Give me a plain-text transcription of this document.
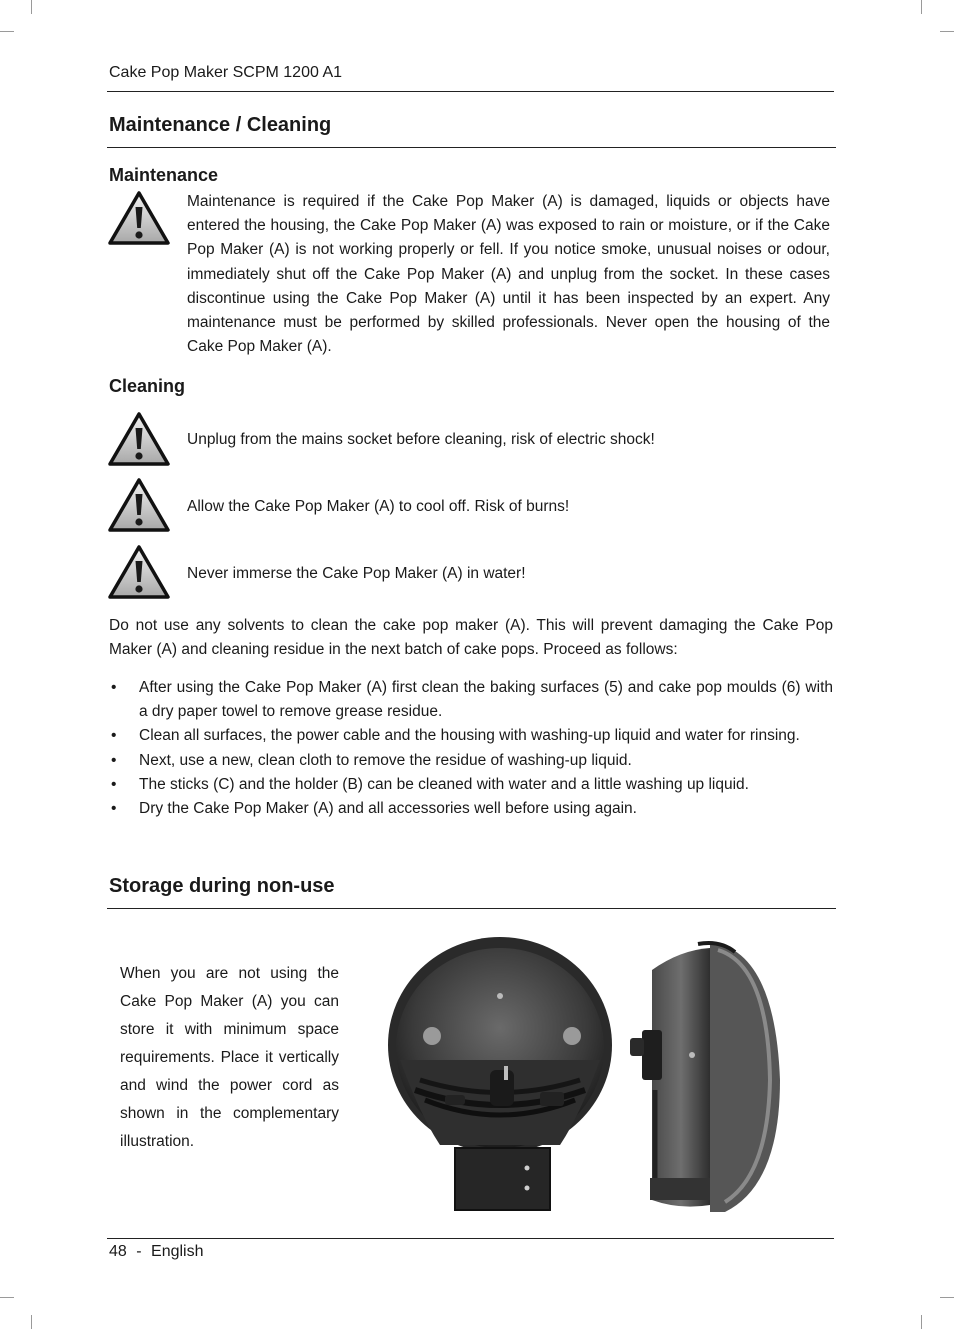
Cake Pop Maker SCPM 1200 A1
Maintenance / Cleaning
Maintenance
Maintenance is required if the Cake Pop Maker (A) is damaged, liquids or objects have entered the housing, the Cake Pop Maker (A) was exposed to rain or moisture, or if the Cake Pop Maker (A) is not working properly or fell. If you notice smoke, unusual noises or odour, immediately shut off the Cake Pop Maker (A) and unplug from the socket. In these cases discontinue using the Cake Pop Maker (A) until it has been inspected by an expert. Any maintenance must be performed by skilled professionals. Never open the housing of the Cake Pop Maker (A).
Cleaning
Unplug from the mains socket before cleaning, risk of electric shock!
Allow the Cake Pop Maker (A) to cool off. Risk of burns!
Never immerse the Cake Pop Maker (A) in water!
Do not use any solvents to clean the cake pop maker (A). This will prevent damaging the Cake Pop Maker (A) and cleaning residue in the next batch of cake pops. Proceed as follows:
• After using the Cake Pop Maker (A) first clean the baking surfaces (5) and cake pop moulds (6) with a dry paper towel to remove grease residue.
• Clean all surfaces, the power cable and the housing with washing-up liquid and water for rinsing.
• Next, use a new, clean cloth to remove the residue of washing-up liquid.
• The sticks (C) and the holder (B) can be cleaned with water and a little washing up liquid.
• Dry the Cake Pop Maker (A) and all accessories well before using again.
Storage during non-use
When you are not using the Cake Pop Maker (A) you can store it with minimum space requirements. Place it vertically and wind the power cord as shown in the complementary illustration.
48 - English
